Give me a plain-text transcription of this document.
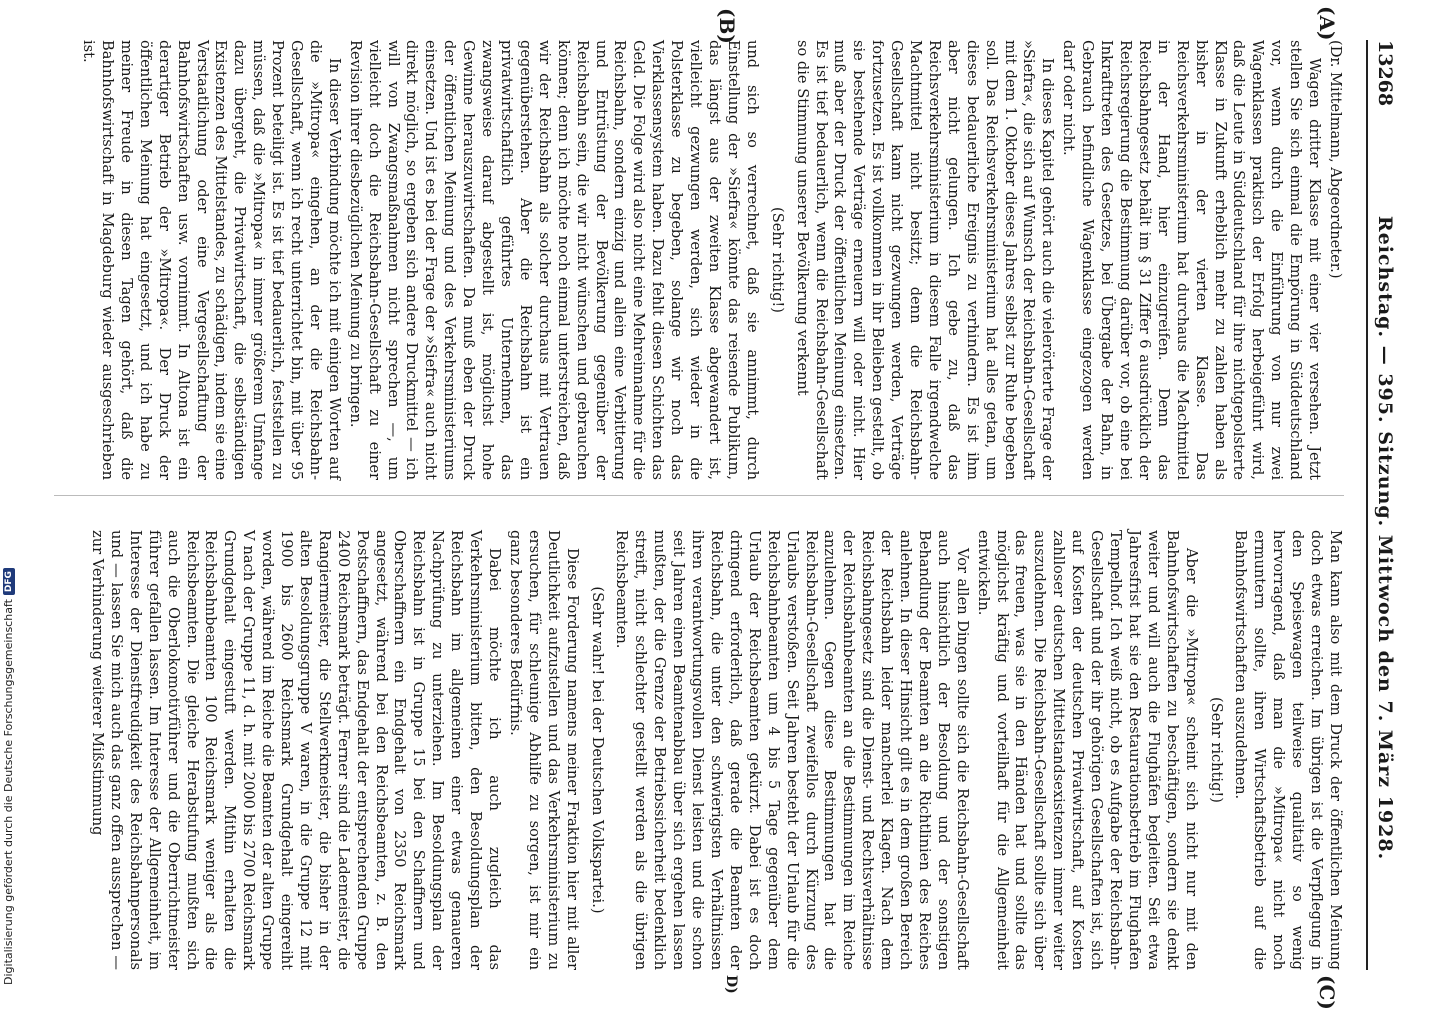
13268
Reichstag. — 395. Sitzung. Mittwoch den 7. März 1928.
(A)
(B)
(C)
D)

(Dr. Mittelmann, Abgeordneter.)

Wagen dritter Klasse mit einer vier versehen. Jetzt stellen Sie sich einmal die Empörung in Süddeutschland vor, wenn durch die Einführung von nur zwei Wagenklassen praktisch der Erfolg herbeigeführt wird, daß die Leute in Süddeutschland für ihre nichtgepolsterte Klasse in Zukunft erheblich mehr zu zahlen haben als bisher in der vierten Klasse. Das Reichsverkehrsministerium hat durchaus die Machtmittel in der Hand, hier einzugreifen. Denn das Reichsbahngesetz behält im § 31 Ziffer 6 ausdrücklich der Reichsregierung die Bestimmung darüber vor, ob eine bei Inkrafttreten des Gesetzes, bei Übergabe der Bahn, in Gebrauch befindliche Wagenklasse eingezogen werden darf oder nicht.

In dieses Kapitel gehört auch die vielerörterte Frage der »Siefra«, die sich auf Wunsch der Reichsbahn-Gesellschaft mit dem 1. Oktober dieses Jahres selbst zur Ruhe begeben soll. Das Reichsverkehrsministerium hat alles getan, um dieses bedauerliche Ereignis zu verhindern. Es ist ihm aber nicht gelungen. Ich gebe zu, daß das Reichsverkehrsministerium in diesem Falle irgendwelche Machtmittel nicht besitzt; denn die Reichsbahn-Gesellschaft kann nicht gezwungen werden, Verträge fortzusetzen. Es ist vollkommen in ihr Belieben gestellt, ob sie bestehende Verträge erneuern will oder nicht. Hier muß aber der Druck der öffentlichen Meinung einsetzen. Es ist tief bedauerlich, wenn die Reichsbahn-Gesellschaft so die Stimmung unserer Bevölkerung verkennt

(Sehr richtig!)

und sich so verrechnet, daß sie annimmt, durch Einstellung der »Siefra« könnte das reisende Publikum, das längst aus der zweiten Klasse abgewandert ist, vielleicht gezwungen werden, sich wieder in die Polsterklasse zu begeben, solange wir noch das Vierklassensystem haben. Dazu fehlt diesen Schichten das Geld. Die Folge wird also nicht eine Mehreinnahme für die Reichsbahn, sondern einzig und allein eine Verbitterung und Entrüstung der Bevölkerung gegenüber der Reichsbahn sein, die wir nicht wünschen und gebrauchen können; denn ich möchte noch einmal unterstreichen, daß wir der Reichsbahn als solcher durchaus mit Vertrauen gegenüberstehen. Aber die Reichsbahn ist ein privatwirtschaftlich geführtes Unternehmen, das zwangsweise darauf abgestellt ist, möglichst hohe Gewinne herauszuwirtschaften. Da muß eben der Druck der öffentlichen Meinung und des Verkehrsministeriums einsetzen. Und ist es bei der Frage der »Siefra« auch nicht direkt möglich, so ergeben sich andere Druckmittel — ich will von Zwangsmaßnahmen nicht sprechen —, um vielleicht doch die Reichsbahn-Gesellschaft zu einer Revision ihrer diesbezüglichen Meinung zu bringen.

In dieser Verbindung möchte ich mit einigen Worten auf die »Mitropa« eingehen, an der die Reichsbahn-Gesellschaft, wenn ich recht unterrichtet bin, mit über 95 Prozent beteiligt ist. Es ist tief bedauerlich, feststellen zu müssen, daß die »Mitropa« in immer größerem Umfange dazu übergeht, die Privatwirtschaft, die selbständigen Existenzen des Mittelstandes, zu schädigen, indem sie eine Verstaatlichung oder eine Vergesellschaftung der Bahnhofswirtschaften usw. vornimmt. In Altona ist ein derartiger Betrieb der »Mitropa«. Der Druck der öffentlichen Meinung hat eingesetzt, und ich habe zu meiner Freude in diesen Tagen gehört, daß die Bahnhofswirtschaft in Magdeburg wieder ausgeschrieben ist.

Man kann also mit dem Druck der öffentlichen Meinung doch etwas erreichen. Im übrigen ist die Verpflegung in den Speisewagen teilweise qualitativ so wenig hervorragend, daß man die »Mitropa« nicht noch ermuntern sollte, ihren Wirtschaftsbetrieb auf die Bahnhofswirtschaften auszudehnen.

(Sehr richtig!)

Aber die »Mitropa« scheint sich nicht nur mit den Bahnhofswirtschaften zu beschäftigen, sondern sie denkt weiter und will auch die Flughäfen begleiten. Seit etwa Jahresfrist hat sie den Restaurationsbetrieb im Flughafen Tempelhof. Ich weiß nicht, ob es Aufgabe der Reichsbahn-Gesellschaft und der ihr gehörigen Gesellschaften ist, sich auf Kosten der deutschen Privatwirtschaft, auf Kosten zahlloser deutschen Mittelstandsexistenzen immer weiter auszudehnen. Die Reichsbahn-Gesellschaft sollte sich über das freuen, was sie in den Händen hat und sollte das möglichst kräftig und vorteilhaft für die Allgemeinheit entwickeln.

Vor allen Dingen sollte sich die Reichsbahn-Gesellschaft auch hinsichtlich der Besoldung und der sonstigen Behandlung der Beamten an die Richtlinien des Reiches anlehnen. In dieser Hinsicht gilt es in dem großen Bereich der Reichsbahn leider mancherlei Klagen. Nach dem Reichsbahngesetz sind die Dienst- und Rechtsverhältnisse der Reichsbahnbeamten an die Bestimmungen im Reiche anzulehnen. Gegen diese Bestimmungen hat die Reichsbahn-Gesellschaft zweifellos durch Kürzung des Urlaubs verstoßen. Seit Jahren besteht der Urlaub für die Reichsbahnbeamten um 4 bis 5 Tage gegenüber dem Urlaub der Reichsbeamten gekürzt. Dabei ist es doch dringend erforderlich, daß gerade die Beamten der Reichsbahn, die unter den schwierigsten Verhältnissen ihren verantwortungsvollen Dienst leisten und die schon seit Jahren einen Beamtenabbau über sich ergehen lassen mußten, der die Grenze der Betriebssicherheit bedenklich streift, nicht schlechter gestellt werden als die übrigen Reichsbeamten.

(Sehr wahr! bei der Deutschen Volkspartei.)

Diese Forderung namens meiner Fraktion hier mit aller Deutlichkeit aufzustellen und das Verkehrsministerium zu ersuchen, für schleunige Abhilfe zu sorgen, ist mir ein ganz besonderes Bedürfnis.

Dabei möchte ich auch zugleich das Verkehrsministerium bitten, den Besoldungsplan der Reichsbahn im allgemeinen einer etwas genaueren Nachprüfung zu unterziehen. Im Besoldungsplan der Reichsbahn ist in Gruppe 15 bei den Schaffnern und Oberschaffnern ein Endgehalt von 2350 Reichsmark angesetzt, während bei den Reichsbeamten, z. B. den Postschaffnern, das Endgehalt der entsprechenden Gruppe 2400 Reichsmark beträgt. Ferner sind die Lademeister, die Rangiermeister, die Stellwerkmeister, die bisher in der alten Besoldungsgruppe V waren, in die Gruppe 12 mit 1900 bis 2600 Reichsmark Grundgehalt eingereiht worden, während im Reiche die Beamten der alten Gruppe V nach der Gruppe 11, d. h. mit 2000 bis 2700 Reichsmark Grundgehalt eingestuft werden. Mithin erhalten die Reichsbahnbeamten 100 Reichsmark weniger als die Reichsbeamten. Die gleiche Herabstufung mußten sich auch die Oberlokomotivführer und die Oberrichtmeister führer gefallen lassen. Im Interesse der Allgemeinheit, im Interesse der Dienstfreudigkeit des Reichsbahnpersonals und — lassen Sie mich auch das ganz offen aussprechen — zur Verhinderung weiterer Mißstimmung

Digitalisierung gefördert durch die Deutsche Forschungsgemeinschaft
DFG
